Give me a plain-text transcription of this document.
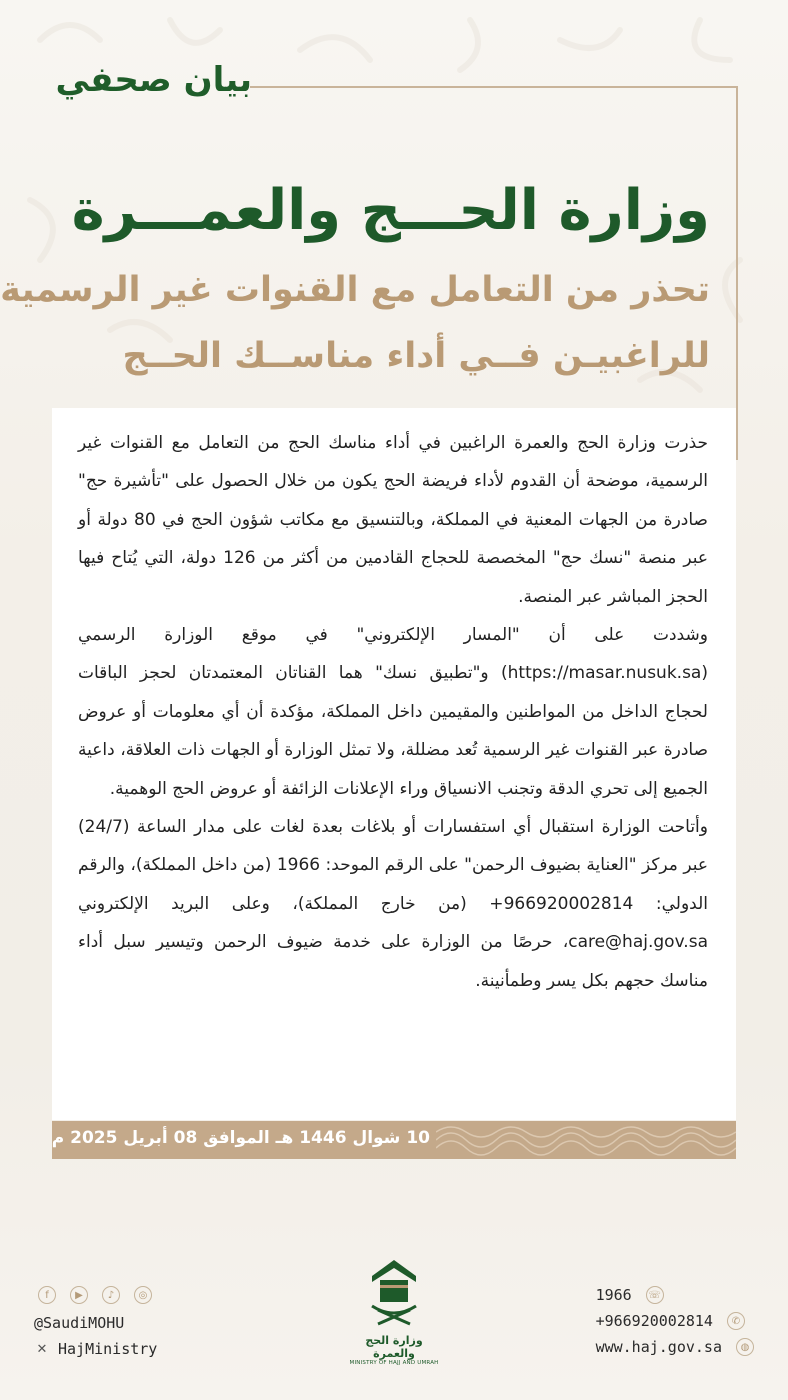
بيان صحفي
وزارة الحـــج والعمـــرة
تحذر من التعامل مع القنوات غير الرسمية
للراغبيـن فــي أداء مناســك الحــج

حذرت وزارة الحج والعمرة الراغبين في أداء مناسك الحج من التعامل مع القنوات غير الرسمية، موضحة أن القدوم لأداء فريضة الحج يكون من خلال الحصول على "تأشيرة حج" صادرة من الجهات المعنية في المملكة، وبالتنسيق مع مكاتب شؤون الحج في 80 دولة أو عبر منصة "نسك حج" المخصصة للحجاج القادمين من أكثر من 126 دولة، التي يُتاح فيها الحجز المباشر عبر المنصة.

وشددت على أن "المسار الإلكتروني" في موقع الوزارة الرسمي (https://masar.nusuk.sa) و"تطبيق نسك" هما القناتان المعتمدتان لحجز الباقات لحجاج الداخل من المواطنين والمقيمين داخل المملكة، مؤكدة أن أي معلومات أو عروض صادرة عبر القنوات غير الرسمية تُعد مضللة، ولا تمثل الوزارة أو الجهات ذات العلاقة، داعية الجميع إلى تحري الدقة وتجنب الانسياق وراء الإعلانات الزائفة أو عروض الحج الوهمية.

وأتاحت الوزارة استقبال أي استفسارات أو بلاغات بعدة لغات على مدار الساعة (24/7) عبر مركز "العناية بضيوف الرحمن" على الرقم الموحد: 1966 (من داخل المملكة)، والرقم الدولي: 966920002814+ (من خارج المملكة)، وعلى البريد الإلكتروني care@haj.gov.sa، حرصًا من الوزارة على خدمة ضيوف الرحمن وتيسير سبل أداء مناسك حجهم بكل يسر وطمأنينة.

10 شوال 1446 هـ الموافق 08 أبريل 2025 م
1966 ☏
+966920002814	✆
www.haj.gov.sa	◍
وزارة الحج والعمرة
MINISTRY OF HAJJ AND UMRAH
f	▶	♪	◎
@SaudiMOHU
✕ HajMinistry
